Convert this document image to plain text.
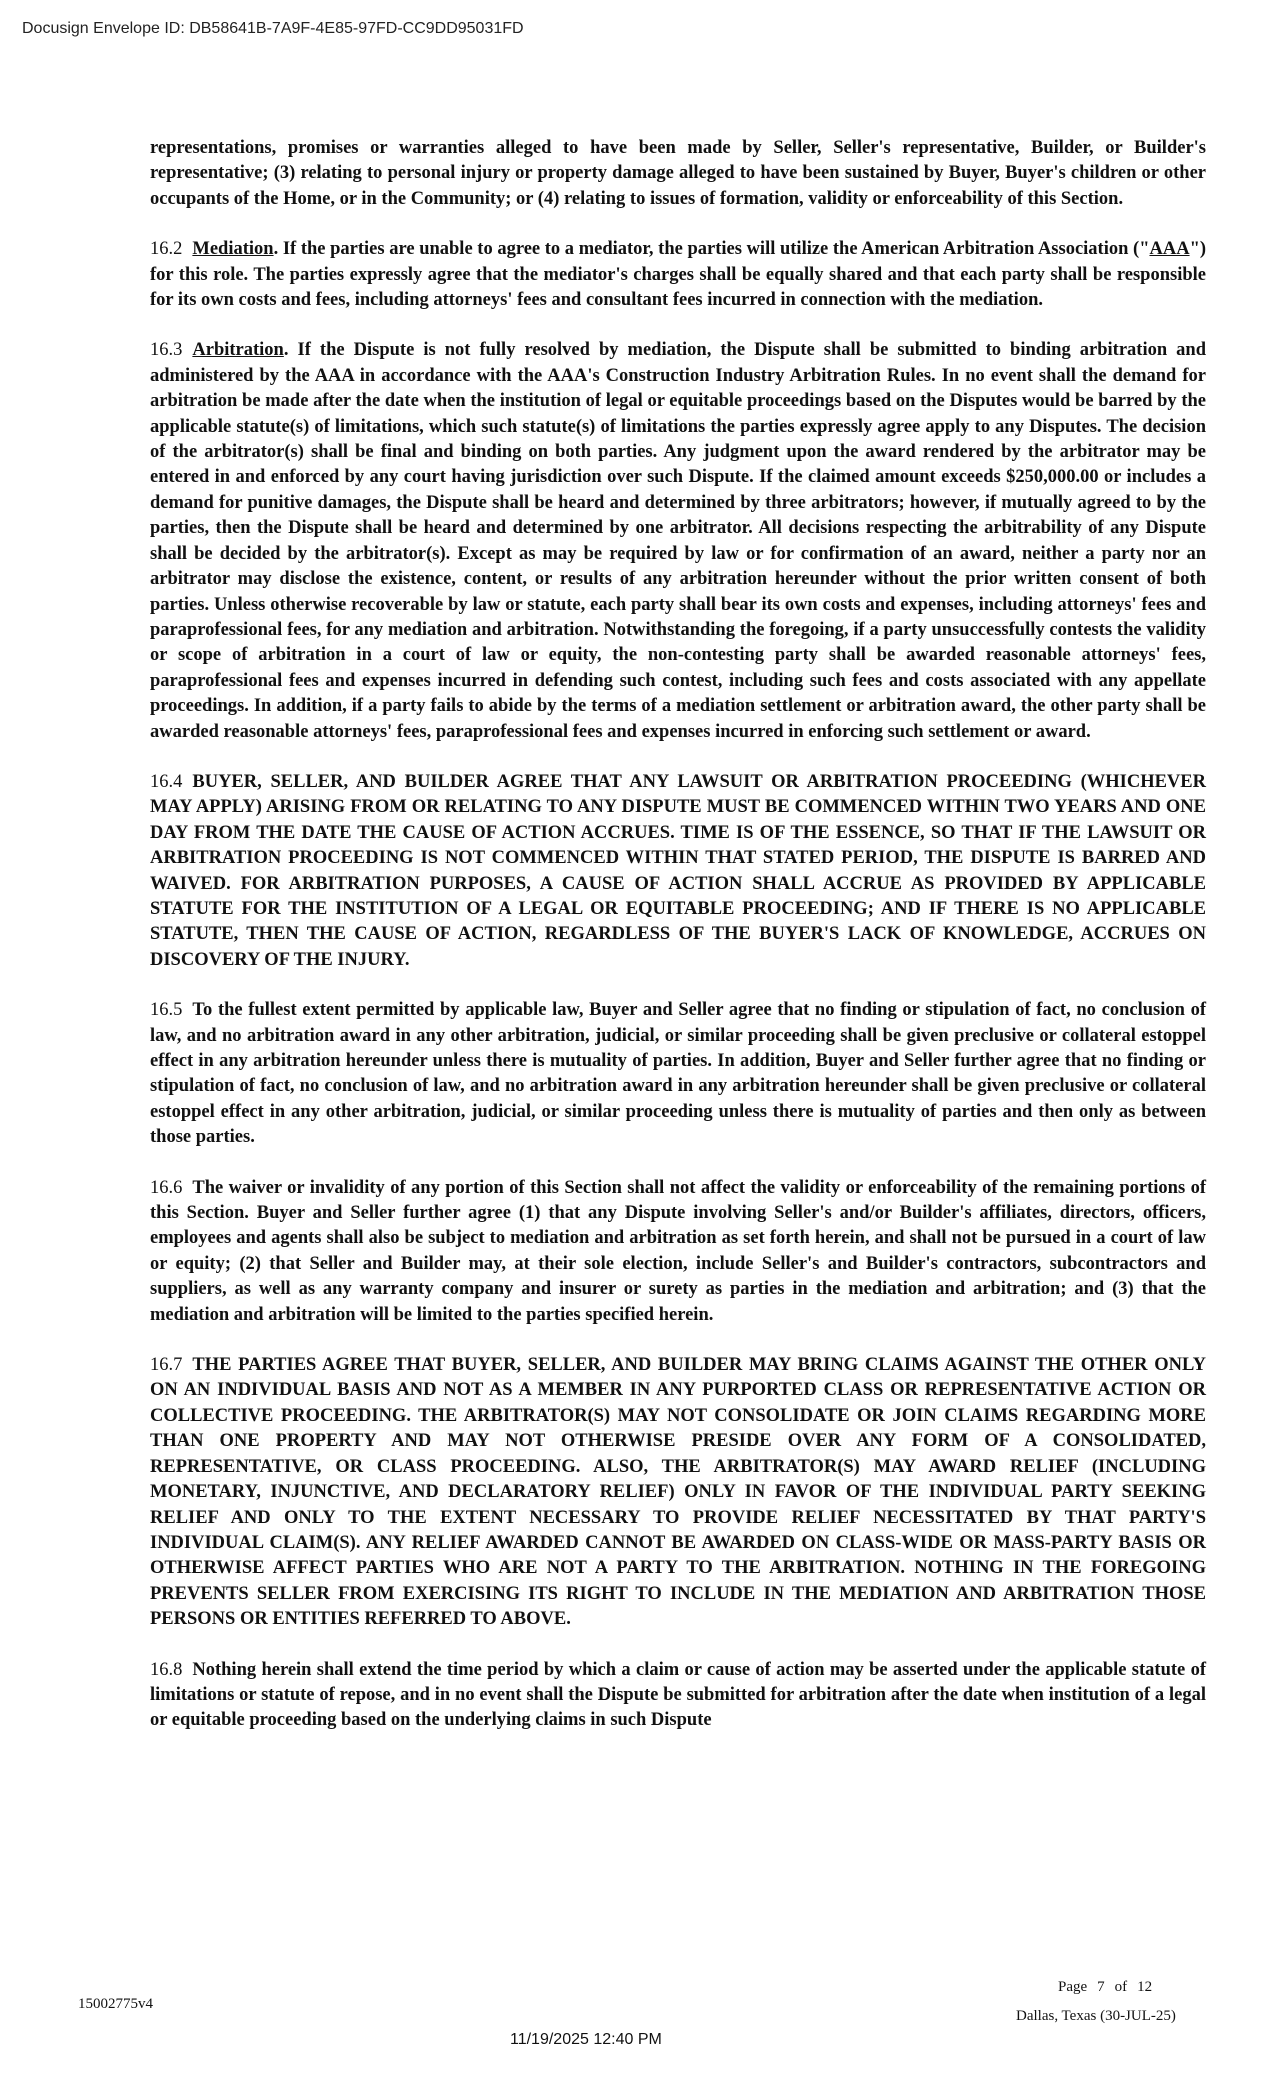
Docusign Envelope ID: DB58641B-7A9F-4E85-97FD-CC9DD95031FD

representations, promises or warranties alleged to have been made by Seller, Seller's representative, Builder, or Builder's representative; (3) relating to personal injury or property damage alleged to have been sustained by Buyer, Buyer's children or other occupants of the Home, or in the Community; or (4) relating to issues of formation, validity or enforceability of this Section.

16.2 Mediation. If the parties are unable to agree to a mediator, the parties will utilize the American Arbitration Association ("AAA") for this role. The parties expressly agree that the mediator's charges shall be equally shared and that each party shall be responsible for its own costs and fees, including attorneys' fees and consultant fees incurred in connection with the mediation.

16.3 Arbitration. If the Dispute is not fully resolved by mediation, the Dispute shall be submitted to binding arbitration and administered by the AAA in accordance with the AAA's Construction Industry Arbitration Rules. In no event shall the demand for arbitration be made after the date when the institution of legal or equitable proceedings based on the Disputes would be barred by the applicable statute(s) of limitations, which such statute(s) of limitations the parties expressly agree apply to any Disputes. The decision of the arbitrator(s) shall be final and binding on both parties. Any judgment upon the award rendered by the arbitrator may be entered in and enforced by any court having jurisdiction over such Dispute. If the claimed amount exceeds $250,000.00 or includes a demand for punitive damages, the Dispute shall be heard and determined by three arbitrators; however, if mutually agreed to by the parties, then the Dispute shall be heard and determined by one arbitrator. All decisions respecting the arbitrability of any Dispute shall be decided by the arbitrator(s). Except as may be required by law or for confirmation of an award, neither a party nor an arbitrator may disclose the existence, content, or results of any arbitration hereunder without the prior written consent of both parties. Unless otherwise recoverable by law or statute, each party shall bear its own costs and expenses, including attorneys' fees and paraprofessional fees, for any mediation and arbitration. Notwithstanding the foregoing, if a party unsuccessfully contests the validity or scope of arbitration in a court of law or equity, the non-contesting party shall be awarded reasonable attorneys' fees, paraprofessional fees and expenses incurred in defending such contest, including such fees and costs associated with any appellate proceedings. In addition, if a party fails to abide by the terms of a mediation settlement or arbitration award, the other party shall be awarded reasonable attorneys' fees, paraprofessional fees and expenses incurred in enforcing such settlement or award.

16.4 BUYER, SELLER, AND BUILDER AGREE THAT ANY LAWSUIT OR ARBITRATION PROCEEDING (WHICHEVER MAY APPLY) ARISING FROM OR RELATING TO ANY DISPUTE MUST BE COMMENCED WITHIN TWO YEARS AND ONE DAY FROM THE DATE THE CAUSE OF ACTION ACCRUES. TIME IS OF THE ESSENCE, SO THAT IF THE LAWSUIT OR ARBITRATION PROCEEDING IS NOT COMMENCED WITHIN THAT STATED PERIOD, THE DISPUTE IS BARRED AND WAIVED. FOR ARBITRATION PURPOSES, A CAUSE OF ACTION SHALL ACCRUE AS PROVIDED BY APPLICABLE STATUTE FOR THE INSTITUTION OF A LEGAL OR EQUITABLE PROCEEDING; AND IF THERE IS NO APPLICABLE STATUTE, THEN THE CAUSE OF ACTION, REGARDLESS OF THE BUYER'S LACK OF KNOWLEDGE, ACCRUES ON DISCOVERY OF THE INJURY.

16.5 To the fullest extent permitted by applicable law, Buyer and Seller agree that no finding or stipulation of fact, no conclusion of law, and no arbitration award in any other arbitration, judicial, or similar proceeding shall be given preclusive or collateral estoppel effect in any arbitration hereunder unless there is mutuality of parties. In addition, Buyer and Seller further agree that no finding or stipulation of fact, no conclusion of law, and no arbitration award in any arbitration hereunder shall be given preclusive or collateral estoppel effect in any other arbitration, judicial, or similar proceeding unless there is mutuality of parties and then only as between those parties.

16.6 The waiver or invalidity of any portion of this Section shall not affect the validity or enforceability of the remaining portions of this Section. Buyer and Seller further agree (1) that any Dispute involving Seller's and/or Builder's affiliates, directors, officers, employees and agents shall also be subject to mediation and arbitration as set forth herein, and shall not be pursued in a court of law or equity; (2) that Seller and Builder may, at their sole election, include Seller's and Builder's contractors, subcontractors and suppliers, as well as any warranty company and insurer or surety as parties in the mediation and arbitration; and (3) that the mediation and arbitration will be limited to the parties specified herein.

16.7 THE PARTIES AGREE THAT BUYER, SELLER, AND BUILDER MAY BRING CLAIMS AGAINST THE OTHER ONLY ON AN INDIVIDUAL BASIS AND NOT AS A MEMBER IN ANY PURPORTED CLASS OR REPRESENTATIVE ACTION OR COLLECTIVE PROCEEDING. THE ARBITRATOR(S) MAY NOT CONSOLIDATE OR JOIN CLAIMS REGARDING MORE THAN ONE PROPERTY AND MAY NOT OTHERWISE PRESIDE OVER ANY FORM OF A CONSOLIDATED, REPRESENTATIVE, OR CLASS PROCEEDING. ALSO, THE ARBITRATOR(S) MAY AWARD RELIEF (INCLUDING MONETARY, INJUNCTIVE, AND DECLARATORY RELIEF) ONLY IN FAVOR OF THE INDIVIDUAL PARTY SEEKING RELIEF AND ONLY TO THE EXTENT NECESSARY TO PROVIDE RELIEF NECESSITATED BY THAT PARTY'S INDIVIDUAL CLAIM(S). ANY RELIEF AWARDED CANNOT BE AWARDED ON CLASS-WIDE OR MASS-PARTY BASIS OR OTHERWISE AFFECT PARTIES WHO ARE NOT A PARTY TO THE ARBITRATION. NOTHING IN THE FOREGOING PREVENTS SELLER FROM EXERCISING ITS RIGHT TO INCLUDE IN THE MEDIATION AND ARBITRATION THOSE PERSONS OR ENTITIES REFERRED TO ABOVE.

16.8 Nothing herein shall extend the time period by which a claim or cause of action may be asserted under the applicable statute of limitations or statute of repose, and in no event shall the Dispute be submitted for arbitration after the date when institution of a legal or equitable proceeding based on the underlying claims in such Dispute

Page 7 of 12
15002775v4
Dallas, Texas (30-JUL-25)
11/19/2025 12:40 PM
